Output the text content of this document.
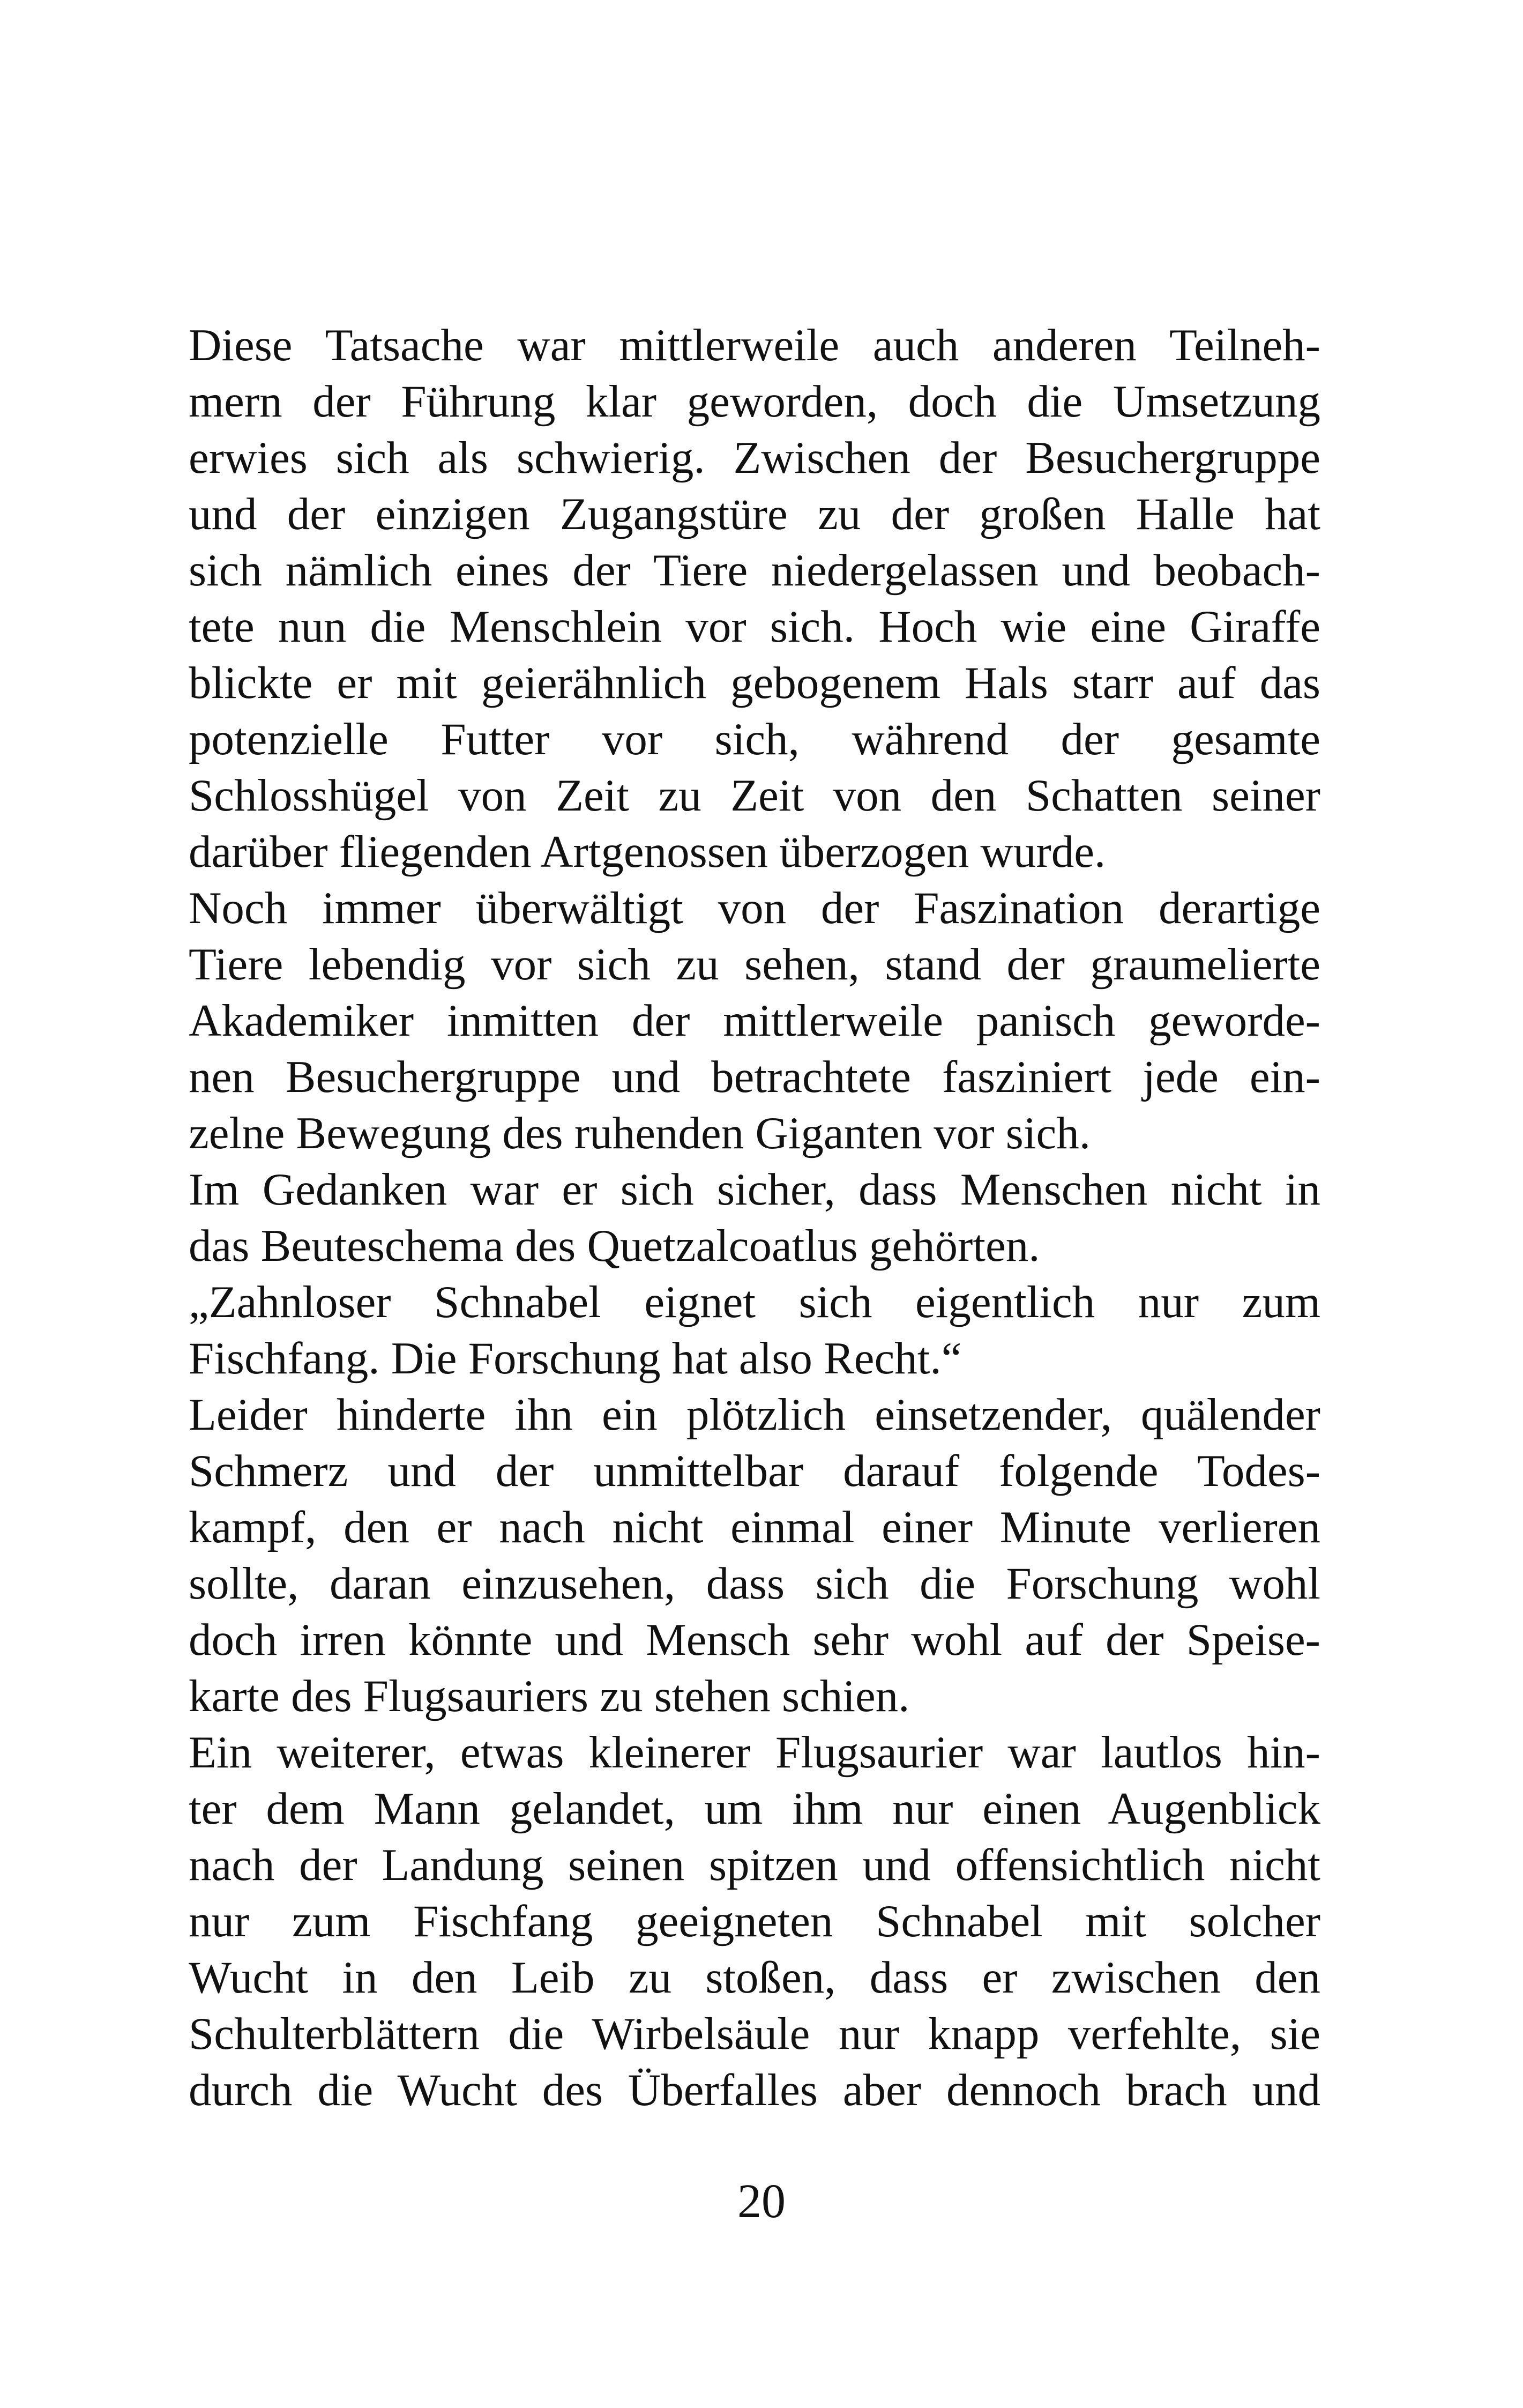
Diese Tatsache war mittlerweile auch anderen Teilneh-
mern der Führung klar geworden, doch die Umsetzung
erwies sich als schwierig. Zwischen der Besuchergruppe
und der einzigen Zugangstüre zu der großen Halle hat
sich nämlich eines der Tiere niedergelassen und beobach-
tete nun die Menschlein vor sich. Hoch wie eine Giraffe
blickte er mit geierähnlich gebogenem Hals starr auf das
potenzielle Futter vor sich, während der gesamte
Schlosshügel von Zeit zu Zeit von den Schatten seiner
darüber fliegenden Artgenossen überzogen wurde.
Noch immer überwältigt von der Faszination derartige
Tiere lebendig vor sich zu sehen, stand der graumelierte
Akademiker inmitten der mittlerweile panisch geworde-
nen Besuchergruppe und betrachtete fasziniert jede ein-
zelne Bewegung des ruhenden Giganten vor sich.
Im Gedanken war er sich sicher, dass Menschen nicht in
das Beuteschema des Quetzalcoatlus gehörten.
„Zahnloser Schnabel eignet sich eigentlich nur zum
Fischfang. Die Forschung hat also Recht.“
Leider hinderte ihn ein plötzlich einsetzender, quälender
Schmerz und der unmittelbar darauf folgende Todes-
kampf, den er nach nicht einmal einer Minute verlieren
sollte, daran einzusehen, dass sich die Forschung wohl
doch irren könnte und Mensch sehr wohl auf der Speise-
karte des Flugsauriers zu stehen schien.
Ein weiterer, etwas kleinerer Flugsaurier war lautlos hin-
ter dem Mann gelandet, um ihm nur einen Augenblick
nach der Landung seinen spitzen und offensichtlich nicht
nur zum Fischfang geeigneten Schnabel mit solcher
Wucht in den Leib zu stoßen, dass er zwischen den
Schulterblättern die Wirbelsäule nur knapp verfehlte, sie
durch die Wucht des Überfalles aber dennoch brach und
20
